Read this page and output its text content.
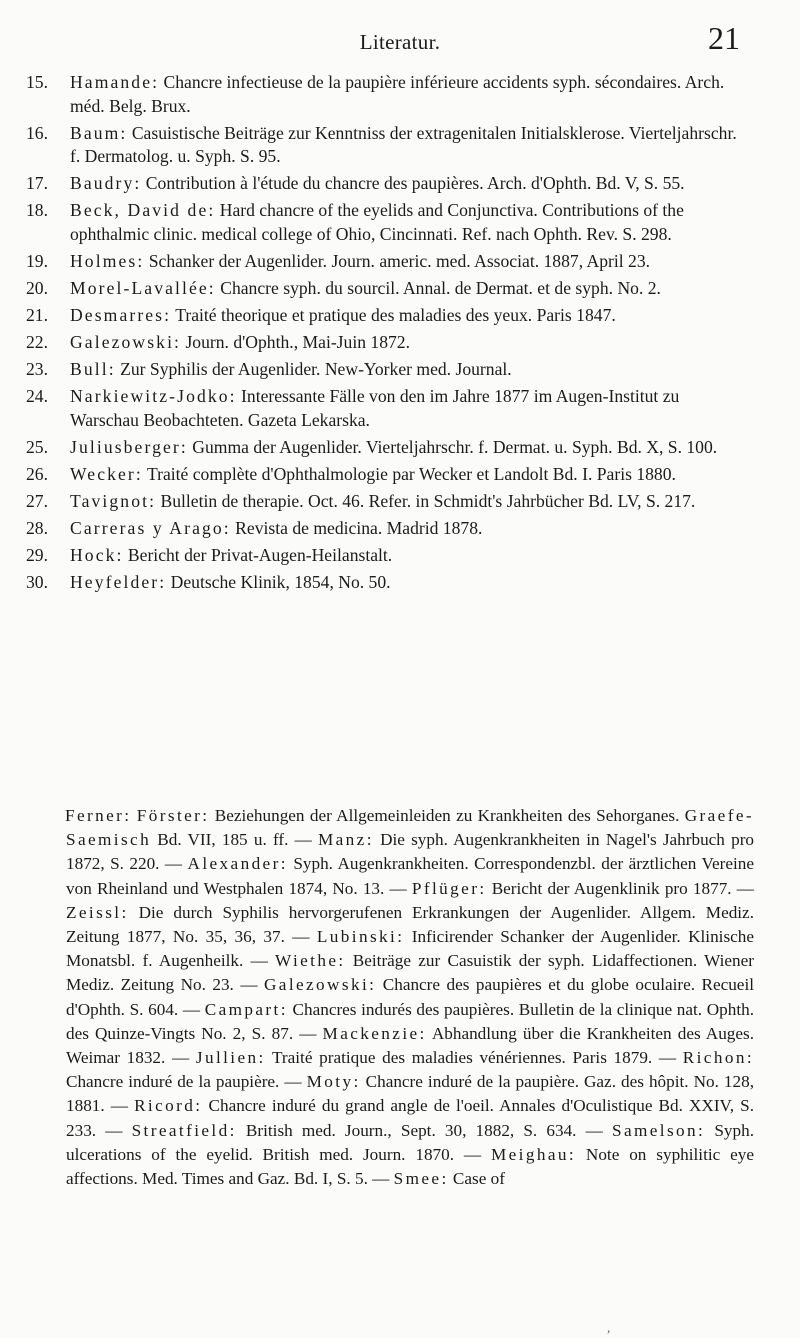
Literatur.	21
15. Hamande: Chancre infectieuse de la paupière inférieure accidents syph. sécondaires. Arch. méd. Belg. Brux.
16. Baum: Casuistische Beiträge zur Kenntniss der extragenitalen Initialsklerose. Vierteljahrschr. f. Dermatolog. u. Syph. S. 95.
17. Baudry: Contribution à l'étude du chancre des paupières. Arch. d'Ophth. Bd. V, S. 55.
18. Beck, David de: Hard chancre of the eyelids and Conjunctiva. Contributions of the ophthalmic clinic. medical college of Ohio, Cincinnati. Ref. nach Ophth. Rev. S. 298.
19. Holmes: Schanker der Augenlider. Journ. americ. med. Associat. 1887, April 23.
20. Morel-Lavallée: Chancre syph. du sourcil. Annal. de Dermat. et de syph. No. 2.
21. Desmarres: Traité theorique et pratique des maladies des yeux. Paris 1847.
22. Galezowski: Journ. d'Ophth., Mai-Juin 1872.
23. Bull: Zur Syphilis der Augenlider. New-Yorker med. Journal.
24. Narkiewitz-Jodko: Interessante Fälle von den im Jahre 1877 im Augen-Institut zu Warschau Beobachteten. Gazeta Lekarska.
25. Juliusberger: Gumma der Augenlider. Vierteljahrschr. f. Dermat. u. Syph. Bd. X, S. 100.
26. Wecker: Traité complète d'Ophthalmologie par Wecker et Landolt Bd. I. Paris 1880.
27. Tavignot: Bulletin de therapie. Oct. 46. Refer. in Schmidt's Jahrbücher Bd. LV, S. 217.
28. Carreras y Arago: Revista de medicina. Madrid 1878.
29. Hock: Bericht der Privat-Augen-Heilanstalt.
30. Heyfelder: Deutsche Klinik, 1854, No. 50.
Ferner: Förster: Beziehungen der Allgemeinleiden zu Krankheiten des Sehorganes. Graefe-Saemisch Bd. VII, 185 u. ff. — Manz: Die syph. Augenkrankheiten in Nagel's Jahrbuch pro 1872, S. 220. — Alexander: Syph. Augenkrankheiten. Correspondenzbl. der ärztlichen Vereine von Rheinland und Westphalen 1874, No. 13. — Pflüger: Bericht der Augenklinik pro 1877. — Zeissl: Die durch Syphilis hervorgerufenen Erkrankungen der Augenlider. Allgem. Mediz. Zeitung 1877, No. 35, 36, 37. — Lubinski: Inficirender Schanker der Augenlider. Klinische Monatsbl. f. Augenheilk. — Wiethe: Beiträge zur Casuistik der syph. Lidaffectionen. Wiener Mediz. Zeitung No. 23. — Galezowski: Chancre des paupières et du globe oculaire. Recueil d'Ophth. S. 604. — Campart: Chancres indurés des paupières. Bulletin de la clinique nat. Ophth. des Quinze-Vingts No. 2, S. 87. — Mackenzie: Abhandlung über die Krankheiten des Auges. Weimar 1832. — Jullien: Traité pratique des maladies vénériennes. Paris 1879. — Richon: Chancre induré de la paupière. — Moty: Chancre induré de la paupière. Gaz. des hôpit. No. 128, 1881. — Ricord: Chancre induré du grand angle de l'oeil. Annales d'Oculistique Bd. XXIV, S. 233. — Streatfield: British med. Journ., Sept. 30, 1882, S. 634. — Samelson: Syph. ulcerations of the eyelid. British med. Journ. 1870. — Meighau: Note on syphilitic eye affections. Med. Times and Gaz. Bd. I, S. 5. — Smee: Case of
,
